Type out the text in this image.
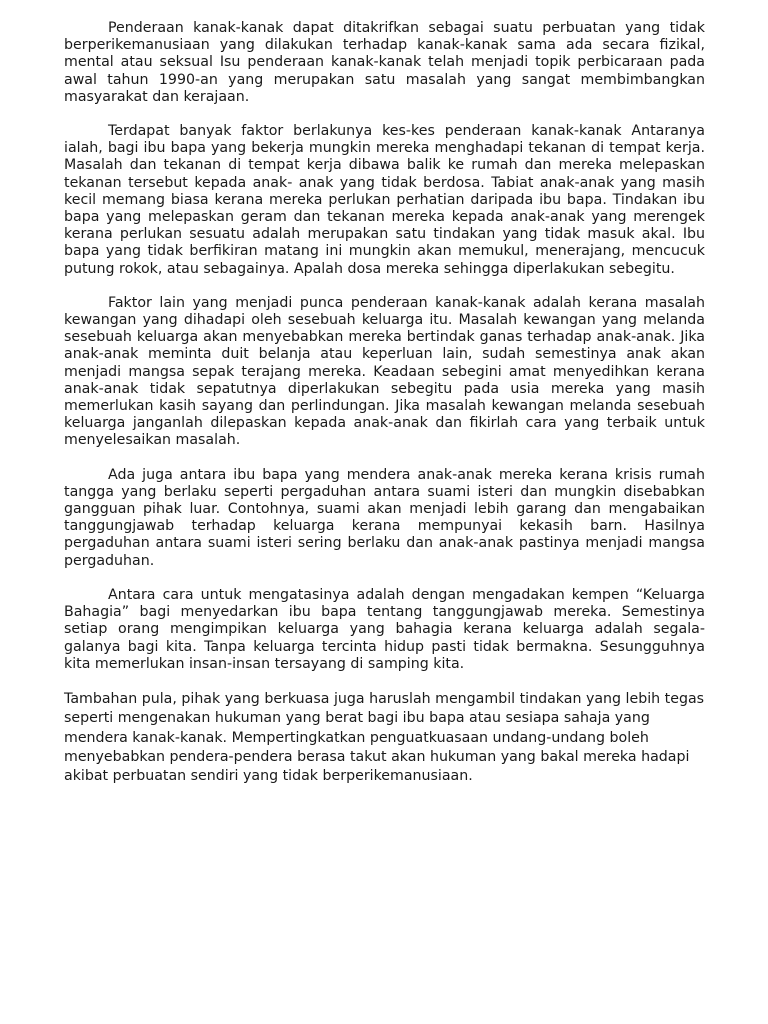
Penderaan kanak-kanak dapat ditakrifkan sebagai suatu perbuatan yang tidak berperikemanusiaan yang dilakukan terhadap kanak-kanak sama ada secara fizikal, mental atau seksual Isu penderaan kanak-kanak telah menjadi topik perbicaraan pada awal tahun 1990-an yang merupakan satu masalah yang sangat membimbangkan masyarakat dan kerajaan.

Terdapat banyak faktor berlakunya kes-kes penderaan kanak-kanak Antaranya ialah, bagi ibu bapa yang bekerja mungkin mereka menghadapi tekanan di tempat kerja. Masalah dan tekanan di tempat kerja dibawa balik ke rumah dan mereka melepaskan tekanan tersebut kepada anak- anak yang tidak berdosa. Tabiat anak-anak yang masih kecil memang biasa kerana mereka perlukan perhatian daripada ibu bapa. Tindakan ibu bapa yang melepaskan geram dan tekanan mereka kepada anak-anak yang merengek kerana perlukan sesuatu adalah merupakan satu tindakan yang tidak masuk akal. Ibu bapa yang tidak berfikiran matang ini mungkin akan memukul, menerajang, mencucuk putung rokok, atau sebagainya. Apalah dosa mereka sehingga diperlakukan sebegitu.

Faktor lain yang menjadi punca penderaan kanak-kanak adalah kerana masalah kewangan yang dihadapi oleh sesebuah keluarga itu. Masalah kewangan yang melanda sesebuah keluarga akan menyebabkan mereka bertindak ganas terhadap anak-anak. Jika anak-anak meminta duit belanja atau keperluan lain, sudah semestinya anak akan menjadi mangsa sepak terajang mereka. Keadaan sebegini amat menyedihkan kerana anak-anak tidak sepatutnya diperlakukan sebegitu pada usia mereka yang masih memerlukan kasih sayang dan perlindungan. Jika masalah kewangan melanda sesebuah keluarga janganlah dilepaskan kepada anak-anak dan fikirlah cara yang terbaik untuk menyelesaikan masalah.

Ada juga antara ibu bapa yang mendera anak-anak mereka kerana krisis rumah tangga yang berlaku seperti pergaduhan antara suami isteri dan mungkin disebabkan gangguan pihak luar. Contohnya, suami akan menjadi lebih garang dan mengabaikan tanggungjawab terhadap keluarga kerana mempunyai kekasih barn. Hasilnya pergaduhan antara suami isteri sering berlaku dan anak-anak pastinya menjadi mangsa pergaduhan.

Antara cara untuk mengatasinya adalah dengan mengadakan kempen “Keluarga Bahagia” bagi menyedarkan ibu bapa tentang tanggungjawab mereka. Semestinya setiap orang mengimpikan keluarga yang bahagia kerana keluarga adalah segala-galanya bagi kita. Tanpa keluarga tercinta hidup pasti tidak bermakna. Sesungguhnya kita memerlukan insan-insan tersayang di samping kita.

Tambahan pula, pihak yang berkuasa juga haruslah mengambil tindakan yang lebih tegas seperti mengenakan hukuman yang berat bagi ibu bapa atau sesiapa sahaja yang mendera kanak-kanak. Mempertingkatkan penguatkuasaan undang-undang boleh menyebabkan pendera-pendera berasa takut akan hukuman yang bakal mereka hadapi akibat perbuatan sendiri yang tidak berperikemanusiaan.
